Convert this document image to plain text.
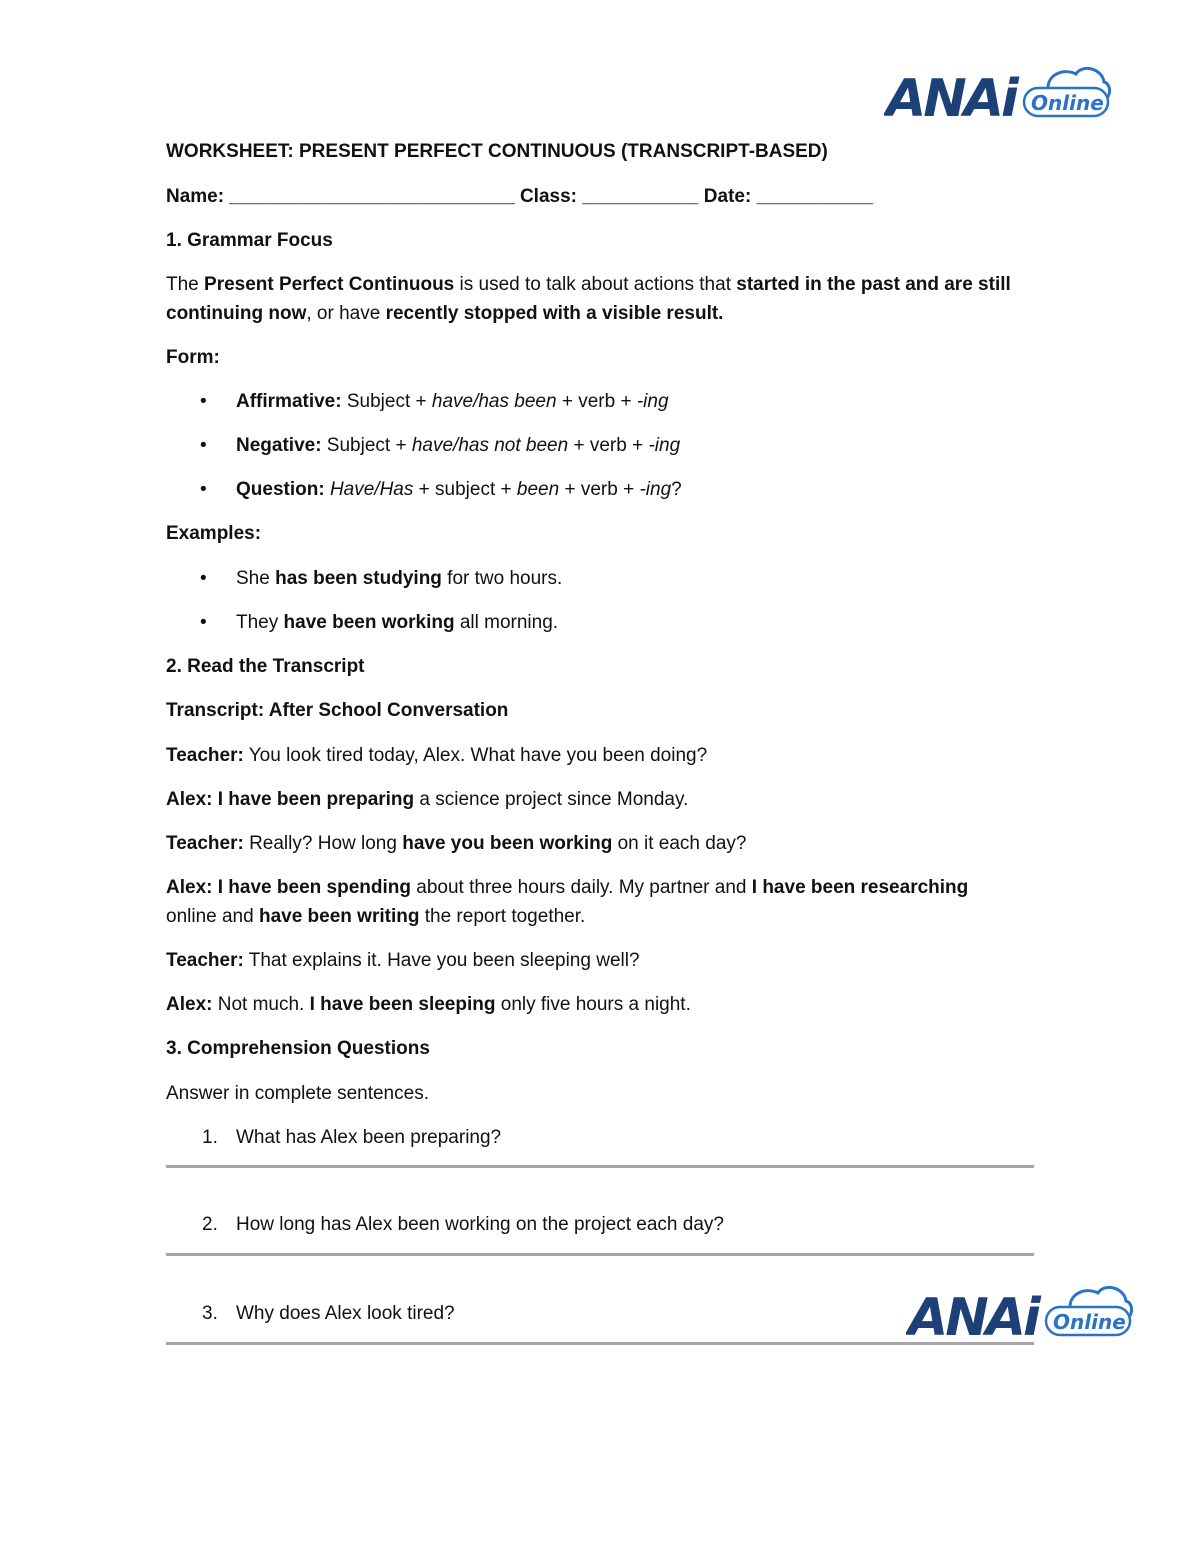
ANAi Online
ANAi Online
WORKSHEET: PRESENT PERFECT CONTINUOUS (TRANSCRIPT-BASED)
Name: ___________________________ Class: ___________ Date: ___________
1. Grammar Focus
The Present Perfect Continuous is used to talk about actions that started in the past and are still
continuing now, or have recently stopped with a visible result.
Form:
• Affirmative: Subject + have/has been + verb + -ing
• Negative: Subject + have/has not been + verb + -ing
• Question: Have/Has + subject + been + verb + -ing?
Examples:
• She has been studying for two hours.
• They have been working all morning.
2. Read the Transcript
Transcript: After School Conversation
Teacher: You look tired today, Alex. What have you been doing?
Alex: I have been preparing a science project since Monday.
Teacher: Really? How long have you been working on it each day?
Alex: I have been spending about three hours daily. My partner and I have been researching
online and have been writing the report together.
Teacher: That explains it. Have you been sleeping well?
Alex: Not much. I have been sleeping only five hours a night.
3. Comprehension Questions
Answer in complete sentences.
1. What has Alex been preparing?
2. How long has Alex been working on the project each day?
3. Why does Alex look tired?
